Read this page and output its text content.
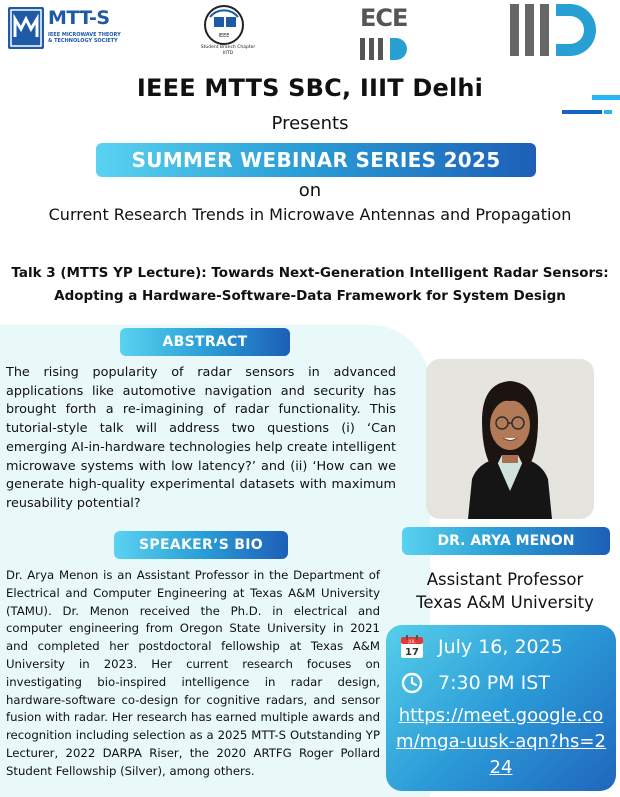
MTT-S
IEEE MICROWAVE THEORY & TECHNOLOGY SOCIETY
IEEE
Student Branch Chapter
IIITD
ECE
IEEE MTTS SBC, IIIT Delhi
Presents
SUMMER WEBINAR SERIES 2025
on
Current Research Trends in Microwave Antennas and Propagation
Talk 3 (MTTS YP Lecture): Towards Next-Generation Intelligent Radar Sensors: Adopting a Hardware-Software-Data Framework for System Design
ABSTRACT
The rising popularity of radar sensors in advanced applications like automotive navigation and security has brought forth a re-imagining of radar functionality. This tutorial-style talk will address two questions (i) ‘Can emerging AI-in-hardware technologies help create intelligent microwave systems with low latency?’ and (ii) ‘How can we generate high-quality experimental datasets with maximum reusability potential?
SPEAKER’S BIO
Dr. Arya Menon is an Assistant Professor in the Department of Electrical and Computer Engineering at Texas A&M University (TAMU). Dr. Menon received the Ph.D. in electrical and computer engineering from Oregon State University in 2021 and completed her postdoctoral fellowship at Texas A&M University in 2023. Her current research focuses on investigating bio-inspired intelligence in radar design, hardware-software co-design for cognitive radars, and sensor fusion with radar. Her research has earned multiple awards and recognition including selection as a 2025 MTT-S Outstanding YP Lecturer, 2022 DARPA Riser, the 2020 ARTFG Roger Pollard Student Fellowship (Silver), among others.
DR. ARYA MENON
Assistant Professor
Texas A&M University
JUL
17 July 16, 2025
7:30 PM IST
https://meet.google.com/mga-uusk-aqn?hs=224
